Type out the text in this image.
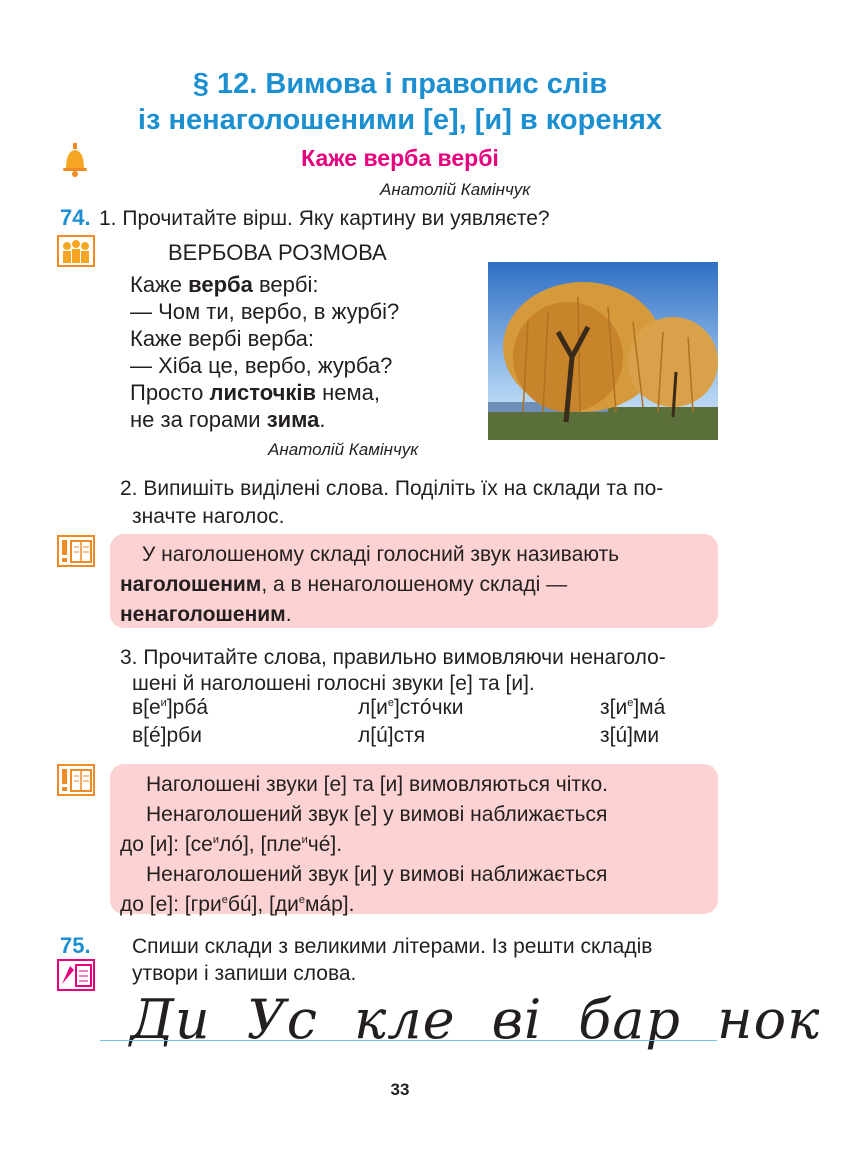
§ 12. Вимова і правопис слів
із ненаголошеними [е], [и] в коренях
Каже верба вербі
Анатолій Камінчук
74. 1. Прочитайте вірш. Яку картину ви уявляєте?
ВЕРБОВА РОЗМОВА
Каже верба вербі:
— Чом ти, вербо, в журбі?
Каже вербі верба:
— Хіба це, вербо, журба?
Просто листочків нема,
не за горами зима.
Анатолій Камінчук
2. Випишіть виділені слова. Поділіть їх на склади та по-
значте наголос.
У наголошеному складі голосний звук називають
наголошеним, а в ненаголошеному складі —
ненаголошеним.
3. Прочитайте слова, правильно вимовляючи ненаголо-
шені й наголошені голосні звуки [е] та [и].
$в[е^и]рбá$	$л[и^е]стóчки$	$з[и^е]мá$
в[é]рби	л[ú]стя	з[ú]ми
Наголошені звуки [е] та [и] вимовляються чітко.
Ненаголошений звук [е] у вимові наближається
до [и]: $[се^илó]$, [пле$^и$чé].
Ненаголошений звук [и] у вимові наближається
до [е]: [гри$^е$бú], $[ди^емáр]$.
75. Спиши склади з великими літерами. Із решти складів
утвори і запиши слова.
Ди Ус кле ві бар нок
33
